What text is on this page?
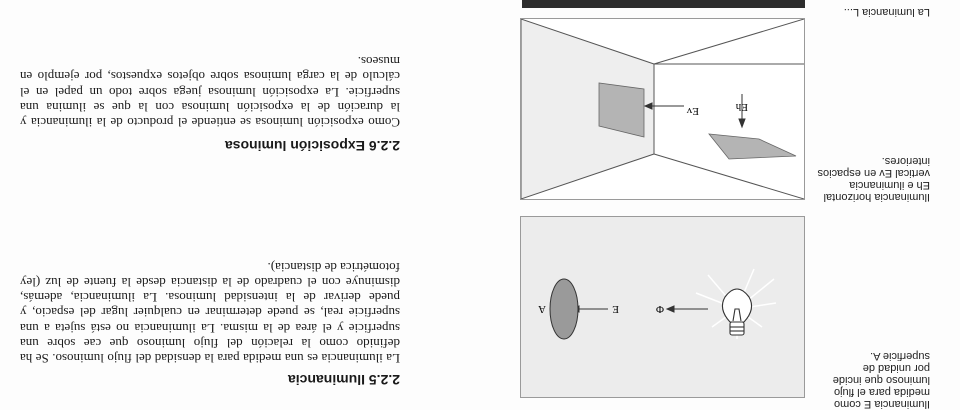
Iluminancia E como medida para el flujo luminoso que incide por unidad de superficie A.

Iluminancia horizontal Eh e iluminancia vertical Ev en espacios interiores.

La luminancia L...

Φ
E
A
Eh
Ev
2.2.5 Iluminancia

La iluminancia es una medida para la densidad del flujo luminoso. Se ha definido como la relación del flujo luminoso que cae sobre una superficie y el área de la misma. La iluminancia no está sujeta a una superficie real, se puede determinar en cualquier lugar del espacio, y puede derivar de la intensidad luminosa. La iluminancia, además, disminuye con el cuadrado de la distancia desde la fuente de luz (ley fotométrica de distancia).

2.2.6 Exposición luminosa

Como exposición luminosa se entiende el producto de la iluminancia y la duración de la exposición luminosa con la que se ilumina una superficie. La exposición luminosa juega sobre todo un papel en el cálculo de la carga luminosa sobre objetos expuestos, por ejemplo en museos.
